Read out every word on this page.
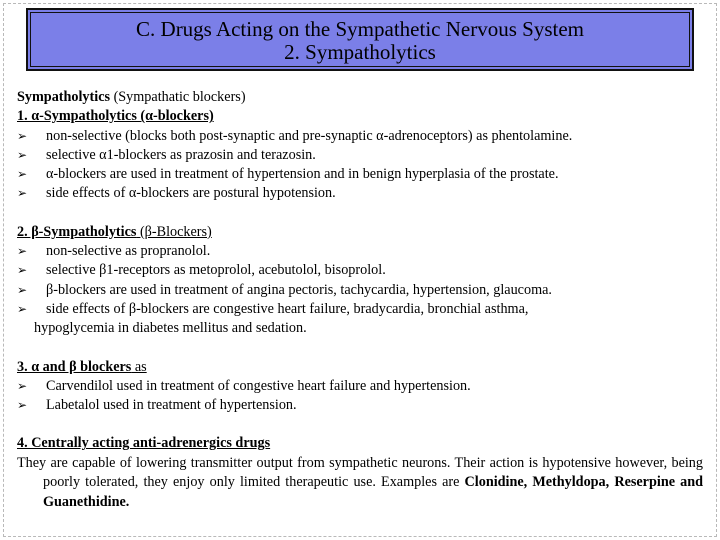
C. Drugs Acting on the Sympathetic Nervous System
2. Sympatholytics
Sympatholytics (Sympathatic blockers)
1. α-Sympatholytics (α-blockers)
➢	non-selective (blocks both post-synaptic and pre-synaptic α-adrenoceptors) as phentolamine.
➢	selective α1-blockers as prazosin and terazosin.
➢	α-blockers are used in treatment of hypertension and in benign hyperplasia of the prostate.
➢	side effects of α-blockers are postural hypotension.
2. β-Sympatholytics (β-Blockers)
➢	non-selective as propranolol.
➢	selective β1-receptors as metoprolol, acebutolol, bisoprolol.
➢	β-blockers are used in treatment of angina pectoris, tachycardia, hypertension, glaucoma.
➢	side effects of β-blockers are congestive heart failure, bradycardia, bronchial asthma,
hypoglycemia in diabetes mellitus and sedation.
3. α and β blockers as
➢	Carvendilol used in treatment of congestive heart failure and hypertension.
➢	Labetalol used in treatment of hypertension.
4. Centrally acting anti-adrenergics drugs
They are capable of lowering transmitter output from sympathetic neurons. Their action is hypotensive however, being poorly tolerated, they enjoy only limited therapeutic use. Examples are Clonidine, Methyldopa, Reserpine and Guanethidine.
